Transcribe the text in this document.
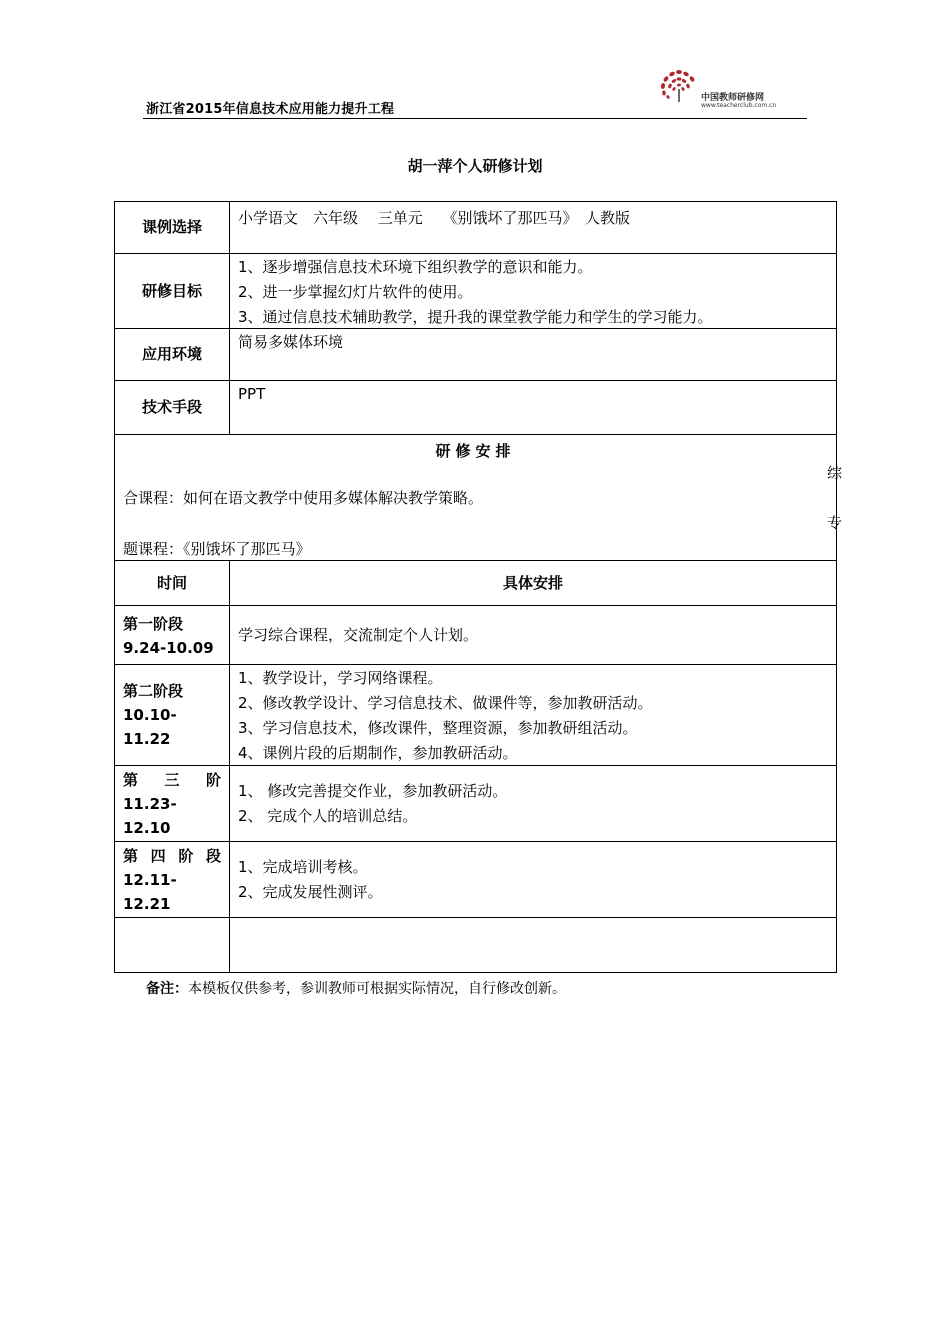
浙江省2015年信息技术应用能力提升工程
中国教师研修网
www.teacherclub.com.cn
胡一萍个人研修计划
课例选择	小学语文　六年级　 三单元　 《别饿坏了那匹马》　人教版
研修目标
1、逐步增强信息技术环境下组织教学的意识和能力。
2、进一步掌握幻灯片软件的使用。
3、通过信息技术辅助教学，提升我的课堂教学能力和学生的学习能力。
应用环境
简易多媒体环境
技术手段
PPT
研修安排
合课程：如何在语文教学中使用多媒体解决教学策略。
题课程：《别饿坏了那匹马》
综
专
时间	具体安排
第一阶段
9.24-10.09
学习综合课程，交流制定个人计划。
第二阶段
10.10-
11.22
1、教学设计，学习网络课程。
2、修改教学设计、学习信息技术、做课件等，参加教研活动。
3、学习信息技术，修改课件，整理资源，参加教研组活动。
4、课例片段的后期制作，参加教研活动。
第 三 阶
11.23-
12.10
1、 修改完善提交作业，参加教研活动。
2、 完成个人的培训总结。
第 四 阶 段
12.11-
12.21
1、完成培训考核。
2、完成发展性测评。
备注：本模板仅供参考，参训教师可根据实际情况，自行修改创新。
